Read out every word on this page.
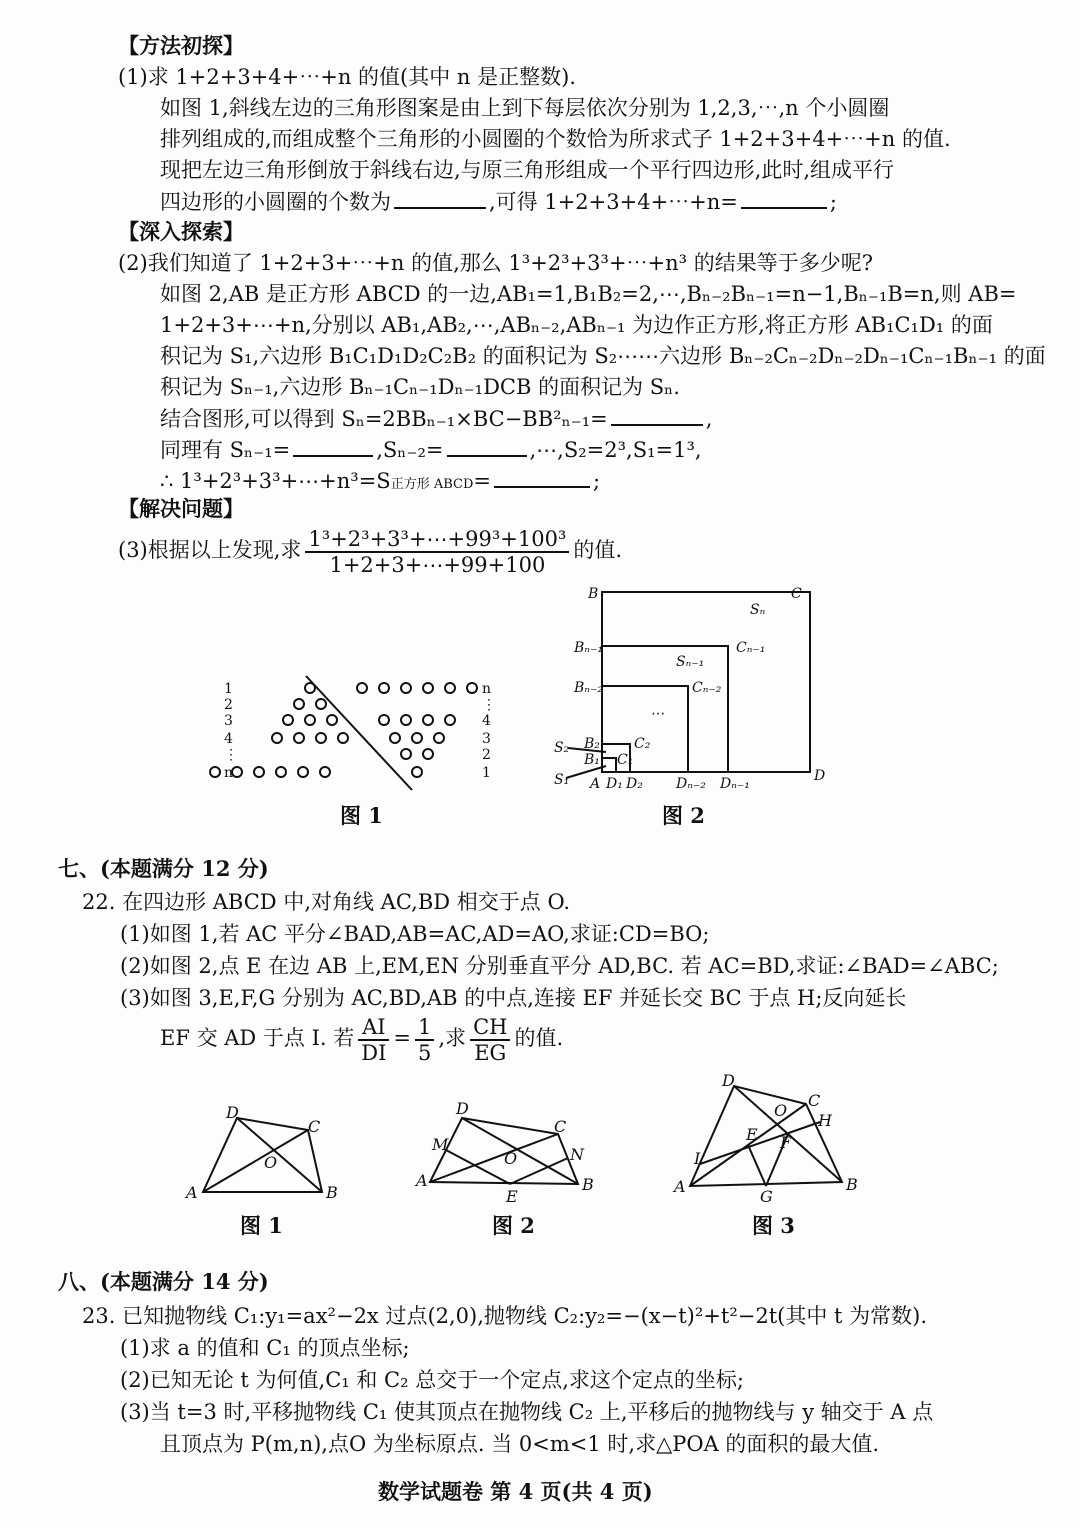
【方法初探】
(1)求 1+2+3+4+⋯+n 的值(其中 n 是正整数).
如图 1,斜线左边的三角形图案是由上到下每层依次分别为 1,2,3,⋯,n 个小圆圈
排列组成的,而组成整个三角形的小圆圈的个数恰为所求式子 1+2+3+4+⋯+n 的值.
现把左边三角形倒放于斜线右边,与原三角形组成一个平行四边形,此时,组成平行
四边形的小圆圈的个数为	,可得 1+2+3+4+⋯+n=	;
【深入探索】
(2)我们知道了 1+2+3+⋯+n 的值,那么 1³+2³+3³+⋯+n³ 的结果等于多少呢?
如图 2,AB 是正方形 ABCD 的一边,AB₁=1,B₁B₂=2,⋯,Bₙ₋₂Bₙ₋₁=n−1,Bₙ₋₁B=n,则 AB=
1+2+3+⋯+n,分别以 AB₁,AB₂,⋯,ABₙ₋₂,ABₙ₋₁ 为边作正方形,将正方形 AB₁C₁D₁ 的面
积记为 S₁,六边形 B₁C₁D₁D₂C₂B₂ 的面积记为 S₂⋯⋯六边形 Bₙ₋₂Cₙ₋₂Dₙ₋₂Dₙ₋₁Cₙ₋₁Bₙ₋₁ 的面
积记为 Sₙ₋₁,六边形 Bₙ₋₁Cₙ₋₁Dₙ₋₁DCB 的面积记为 Sₙ.
结合图形,可以得到 Sₙ=2BBₙ₋₁×BC−BB²ₙ₋₁=	,
同理有 Sₙ₋₁=	,Sₙ₋₂=	,⋯,S₂=2³,S₁=1³,
∴ 1³+2³+3³+⋯+n³=S正方形 ABCD=	;
【解决问题】
(3)根据以上发现,求 $\frac{\text{1³+2³+3³+⋯+99³+100³}}{1+2+3+\cdots+99+100}$ 的值.
1	n
2	⋮
3	4
4	3
⋮	2
n	1
B	C
D
Sₙ
Bₙ₋₁	Cₙ₋₁
Sₙ₋₁
Bₙ₋₂	Cₙ₋₂
⋯
B₂ C₂
B₁ C₁
S₂
S₁ A D₁ D₂ Dₙ₋₂ Dₙ₋₁
A	B
C
D
O
A	B
C
D
E
M
N
O
A	B
C
D
E F
G
H
I
O
图 1	图 2
七、(本题满分 12 分)
22. 在四边形 ABCD 中,对角线 AC,BD 相交于点 O.
(1)如图 1,若 AC 平分∠BAD,AB=AC,AD=AO,求证:CD=BO;
(2)如图 2,点 E 在边 AB 上,EM,EN 分别垂直平分 AD,BC. 若 AC=BD,求证:∠BAD=∠ABC;
(3)如图 3,E,F,G 分别为 AC,BD,AB 的中点,连接 EF 并延长交 BC 于点 H;反向延长
EF 交 AD 于点 I. 若 $\frac{AI}{DI} = \frac{1}{5}$ ,求 $\frac{CH}{EG}$ 的值.
图 1	图 2	图 3
八、(本题满分 14 分)
23. 已知抛物线 C₁:y₁=ax²−2x 过点(2,0),抛物线 C₂:y₂=−(x−t)²+t²−2t(其中 t 为常数).
(1)求 a 的值和 C₁ 的顶点坐标;
(2)已知无论 t 为何值,C₁ 和 C₂ 总交于一个定点,求这个定点的坐标;
(3)当 t=3 时,平移抛物线 C₁ 使其顶点在抛物线 C₂ 上,平移后的抛物线与 y 轴交于 A 点
且顶点为 P(m,n),点O 为坐标原点. 当 0<m<1 时,求△POA 的面积的最大值.
数学试题卷 第 4 页(共 4 页)
